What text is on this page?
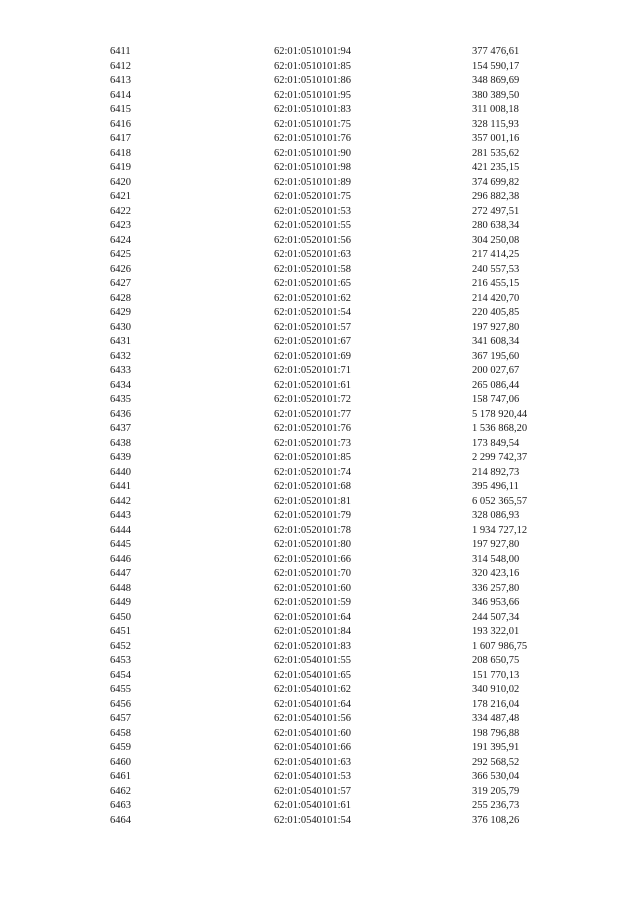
6411	62:01:0510101:94	377 476,61
6412	62:01:0510101:85	154 590,17
6413	62:01:0510101:86	348 869,69
6414	62:01:0510101:95	380 389,50
6415	62:01:0510101:83	311 008,18
6416	62:01:0510101:75	328 115,93
6417	62:01:0510101:76	357 001,16
6418	62:01:0510101:90	281 535,62
6419	62:01:0510101:98	421 235,15
6420	62:01:0510101:89	374 699,82
6421	62:01:0520101:75	296 882,38
6422	62:01:0520101:53	272 497,51
6423	62:01:0520101:55	280 638,34
6424	62:01:0520101:56	304 250,08
6425	62:01:0520101:63	217 414,25
6426	62:01:0520101:58	240 557,53
6427	62:01:0520101:65	216 455,15
6428	62:01:0520101:62	214 420,70
6429	62:01:0520101:54	220 405,85
6430	62:01:0520101:57	197 927,80
6431	62:01:0520101:67	341 608,34
6432	62:01:0520101:69	367 195,60
6433	62:01:0520101:71	200 027,67
6434	62:01:0520101:61	265 086,44
6435	62:01:0520101:72	158 747,06
6436	62:01:0520101:77	5 178 920,44
6437	62:01:0520101:76	1 536 868,20
6438	62:01:0520101:73	173 849,54
6439	62:01:0520101:85	2 299 742,37
6440	62:01:0520101:74	214 892,73
6441	62:01:0520101:68	395 496,11
6442	62:01:0520101:81	6 052 365,57
6443	62:01:0520101:79	328 086,93
6444	62:01:0520101:78	1 934 727,12
6445	62:01:0520101:80	197 927,80
6446	62:01:0520101:66	314 548,00
6447	62:01:0520101:70	320 423,16
6448	62:01:0520101:60	336 257,80
6449	62:01:0520101:59	346 953,66
6450	62:01:0520101:64	244 507,34
6451	62:01:0520101:84	193 322,01
6452	62:01:0520101:83	1 607 986,75
6453	62:01:0540101:55	208 650,75
6454	62:01:0540101:65	151 770,13
6455	62:01:0540101:62	340 910,02
6456	62:01:0540101:64	178 216,04
6457	62:01:0540101:56	334 487,48
6458	62:01:0540101:60	198 796,88
6459	62:01:0540101:66	191 395,91
6460	62:01:0540101:63	292 568,52
6461	62:01:0540101:53	366 530,04
6462	62:01:0540101:57	319 205,79
6463	62:01:0540101:61	255 236,73
6464	62:01:0540101:54	376 108,26
